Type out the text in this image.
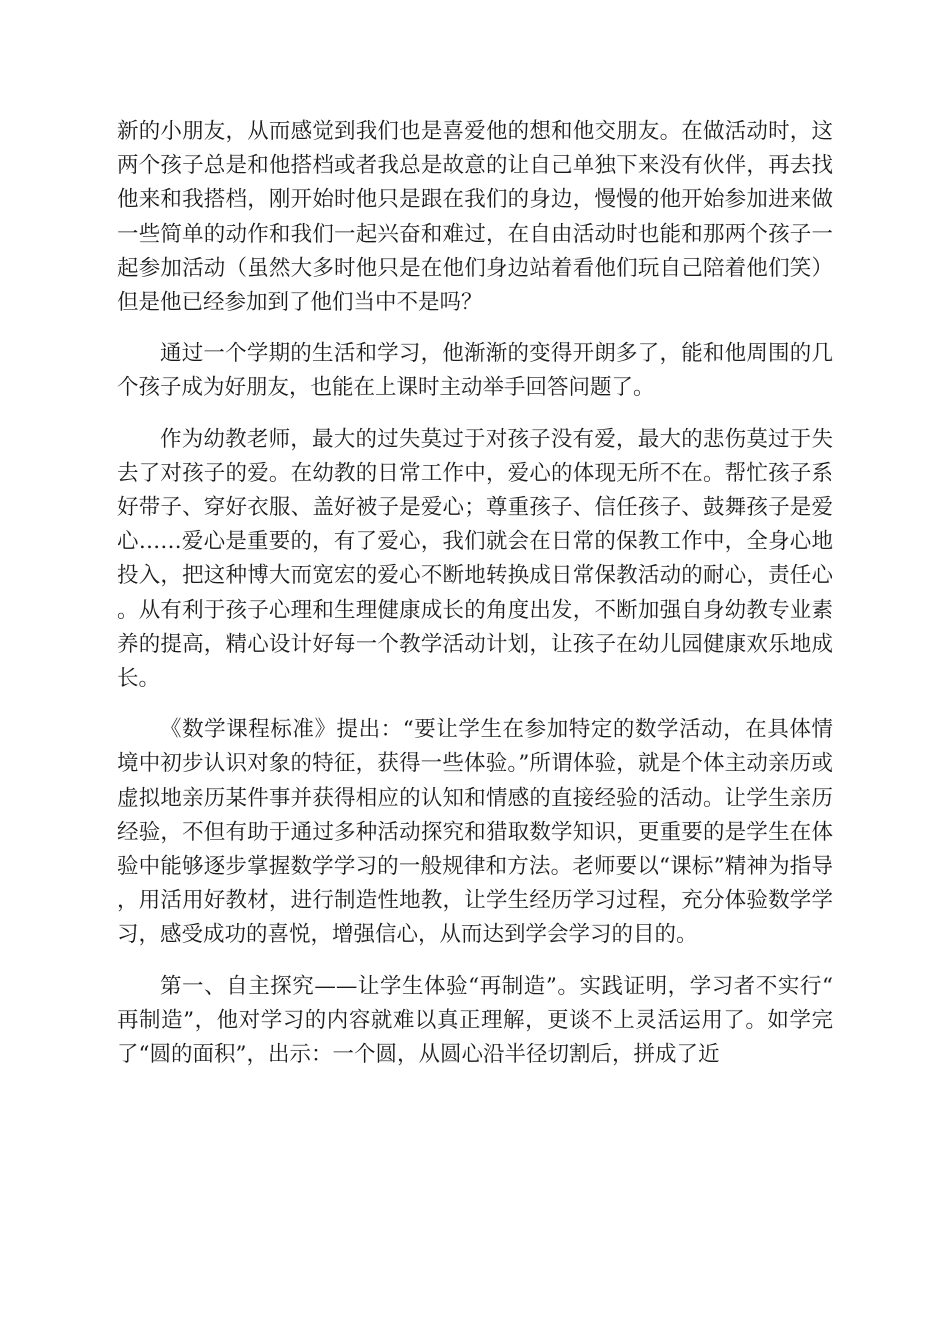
新的小朋友，从而感觉到我们也是喜爱他的想和他交朋友。在做活动时，这两个孩子总是和他搭档或者我总是故意的让自己单独下来没有伙伴，再去找他来和我搭档，刚开始时他只是跟在我们的身边，慢慢的他开始参加进来做一些简单的动作和我们一起兴奋和难过，在自由活动时也能和那两个孩子一起参加活动（虽然大多时他只是在他们身边站着看他们玩自己陪着他们笑）但是他已经参加到了他们当中不是吗？

通过一个学期的生活和学习，他渐渐的变得开朗多了，能和他周围的几个孩子成为好朋友，也能在上课时主动举手回答问题了。

作为幼教老师，最大的过失莫过于对孩子没有爱，最大的悲伤莫过于失去了对孩子的爱。在幼教的日常工作中，爱心的体现无所不在。帮忙孩子系好带子、穿好衣服、盖好被子是爱心；尊重孩子、信任孩子、鼓舞孩子是爱心……爱心是重要的，有了爱心，我们就会在日常的保教工作中，全身心地投入，把这种博大而宽宏的爱心不断地转换成日常保教活动的耐心，责任心。从有利于孩子心理和生理健康成长的角度出发，不断加强自身幼教专业素养的提高，精心设计好每一个教学活动计划，让孩子在幼儿园健康欢乐地成长。

《数学课程标准》提出：“要让学生在参加特定的数学活动，在具体情境中初步认识对象的特征，获得一些体验。”所谓体验，就是个体主动亲历或虚拟地亲历某件事并获得相应的认知和情感的直接经验的活动。让学生亲历经验，不但有助于通过多种活动探究和猎取数学知识，更重要的是学生在体验中能够逐步掌握数学学习的一般规律和方法。老师要以“课标”精神为指导，用活用好教材，进行制造性地教，让学生经历学习过程，充分体验数学学习，感受成功的喜悦，增强信心，从而达到学会学习的目的。

第一、自主探究——让学生体验“再制造”。实践证明，学习者不实行“再制造”，他对学习的内容就难以真正理解，更谈不上灵活运用了。如学完了“圆的面积”，出示：一个圆，从圆心沿半径切割后，拼成了近
